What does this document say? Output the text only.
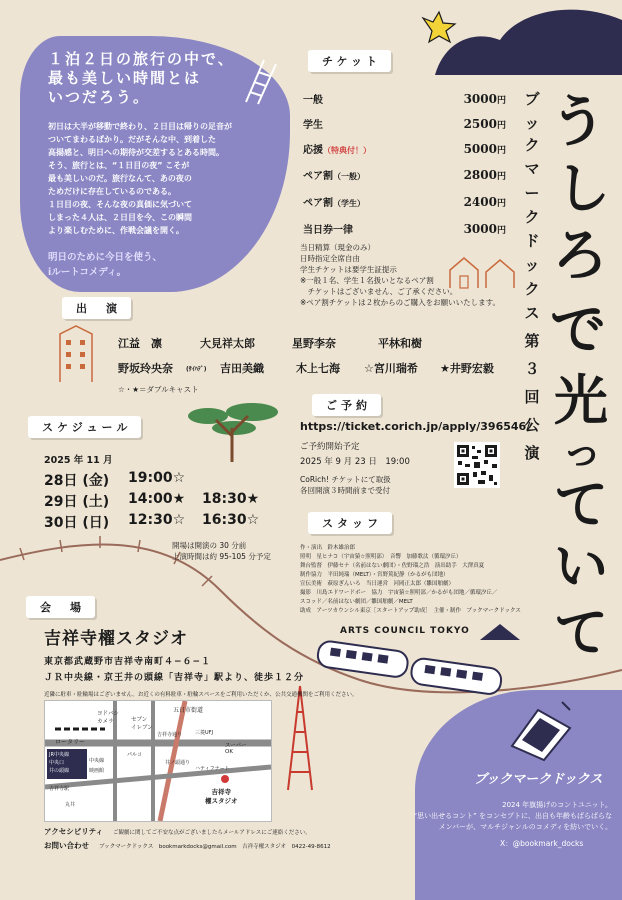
１泊２日の旅行の中で、
最も美しい時間とは
いつだろう。
初日は大半が移動で終わり、２日目は帰りの足音が
ついてまわるばかり。だがそんな中、到着した
高揚感と、明日への期待が交差するとある時間。
そう、旅行とは、“１日目の夜” こそが
最も美しいのだ。旅行なんて、あの夜の
ためだけに存在しているのである。
１日目の夜、そんな夜の真価に気づいて
しまった４人は、２日目を今、この瞬間
より楽しむために、作戦会議を開く。
明日のために今日を使う、
iルートコメディ。
う
し
ろ
で
光
っ
て
い
て
ブ
ッ
ク
マ
ー
ク
ド
ッ
ク
ス
第
３
回
公
演
チケット
一般	3000円
学生	2500円
応援（特典付！）	5000円
ペア割（一般）	2800円
ペア割（学生）	2400円
当日券一律	3000円
当日精算（現金のみ）
日時指定全席自由
学生チケットは要学生証提示
※一般１名、学生１名扱いとなるペア割
　チケットはございません、ご了承ください。
※ペア割チケットは２枚からのご購入をお願いいたします。
出　演
江益　凛	大見祥太郎	星野李奈	平林和樹
野坂玲央奈 (ｻｲﾊﾃﾞ) 吉田美織	木上七海 ☆宮川瑞希 ★井野宏毅
☆・★＝ダブルキャスト
スケジュール
2025 年 11 月
28日 (金) 19:00☆
29日 (土) 14:00★ 18:30★
30日 (日) 12:30☆ 16:30☆
開場は開演の 30 分前
上演時間は約 95-105 分予定
ご予約
https://ticket.corich.jp/apply/396546/
ご予約開始予定
2025 年 9 月 23 日　19:00
CoRich! チケットにて取扱
各回開演３時間前まで受付
スタッフ
作・演出　鈴木雄治郎
照明　星ヒナコ（宇宙猿☆照明部）　音響　加藤歌汰（循環汐丘）
舞台監督　伊藤セナ（名前はない劇団）・佐野瑠之浩　演出助手　大澤真夏
制作協力　平田純瑞（MELT）・宮野篤紀静（かるがも団地）
宣伝美術　萩原ぎんいろ　当日運営　河岡正太郎（雛国舶劇）
撮影　川島エドワードボー　協力　宇宙猿☆照明部／かるがも団地／循環汐丘／
スコッド／名前はない劇団／雛国舶劇／MELT
助成　アーツカウンシル東京［スタートアップ助成］　主催・制作　ブックマークドックス
ARTS COUNCIL TOKYO
会　場
吉祥寺櫂スタジオ
東京都武蔵野市吉祥寺南町４−６−１
ＪＲ中央線・京王井の頭線「吉祥寺」駅より、徒歩１２分
近隣に駐車・駐輪場はございません。お近くの有料駐車・駐輪スペースをご利用いただくか、公共交通機関をご利用ください。
ロータリー
ヨドバシ
カメラ	セブン
イレブン
五日市街道
吉祥寺通り	三菱UFJ
スーパー
OK
JR中央線
中央口
井の頭線
吉祥寺駅
中央線
映画館
パルコ
井ノ頭通り
丸井
ハティフナート
吉祥寺
櫂スタジオ
アクセシビリティ ご観劇に関してご不安な点がございましたらメールアドレスにご連絡ください。
お問い合わせ ブックマークドックス　bookmarkdocks@gmail.com　吉祥寺櫂スタジオ　0422-49-8612
ブックマークドックス
2024 年旗揚げのコントユニット。
“思い出せるコント” をコンセプトに、出自も年齢もばらばらな
メンバーが、マルチジャンルのコメディを紡いでいく。
X：@bookmark_docks
